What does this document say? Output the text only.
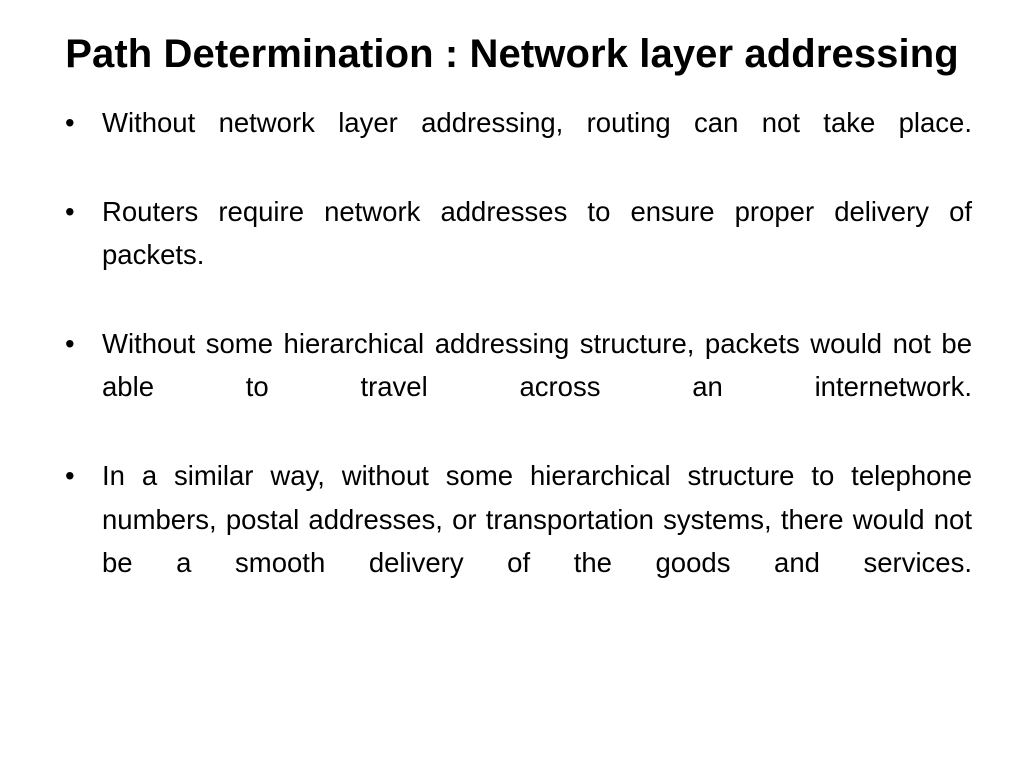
Path Determination : Network layer addressing
• Without network layer addressing, routing can not take place.
• Routers require network addresses to ensure proper delivery of packets.
• Without some hierarchical addressing structure, packets would not be able to travel across an internetwork.
• In a similar way, without some hierarchical structure to telephone numbers, postal addresses, or transportation systems, there would not be a smooth delivery of the goods and services.
